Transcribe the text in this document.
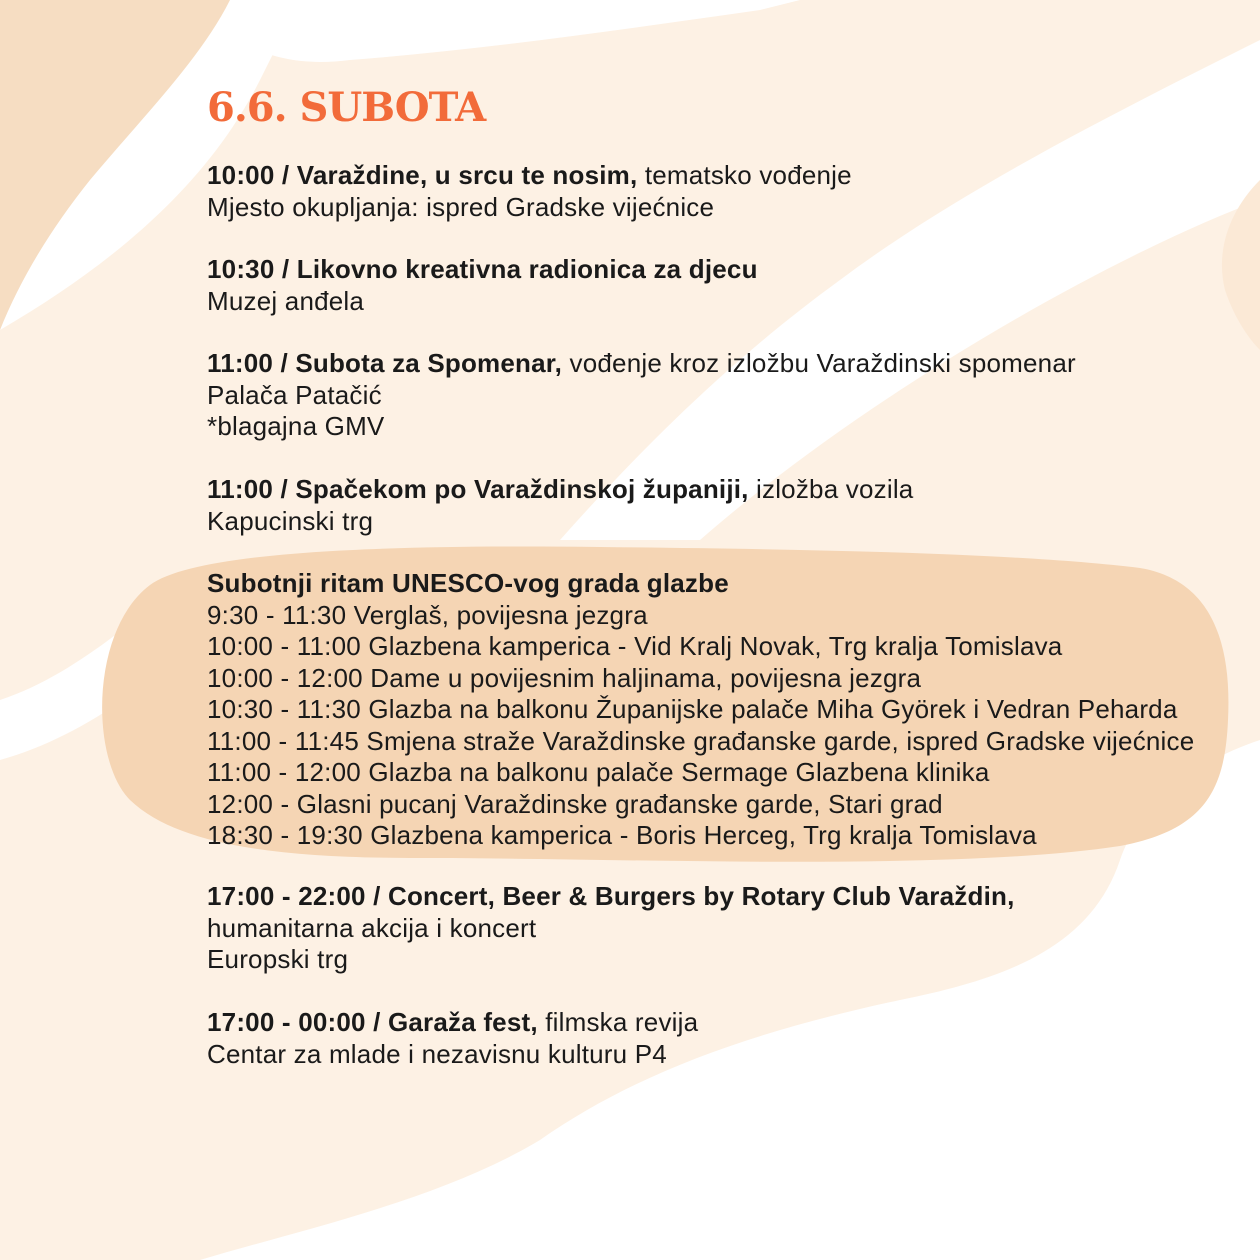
6.6. SUBOTA
10:00 / Varaždine, u srcu te nosim, tematsko vođenje
Mjesto okupljanja: ispred Gradske vijećnice
10:30 / Likovno kreativna radionica za djecu
Muzej anđela
11:00 / Subota za Spomenar, vođenje kroz izložbu Varaždinski spomenar
Palača Patačić
*blagajna GMV
11:00 / Spačekom po Varaždinskoj županiji, izložba vozila
Kapucinski trg
Subotnji ritam UNESCO-vog grada glazbe
9:30 - 11:30 Verglaš, povijesna jezgra
10:00 - 11:00 Glazbena kamperica - Vid Kralj Novak, Trg kralja Tomislava
10:00 - 12:00 Dame u povijesnim haljinama, povijesna jezgra
10:30 - 11:30 Glazba na balkonu Županijske palače Miha Györek i Vedran Peharda
11:00 - 11:45 Smjena straže Varaždinske građanske garde, ispred Gradske vijećnice
11:00 - 12:00 Glazba na balkonu palače Sermage Glazbena klinika
12:00 - Glasni pucanj Varaždinske građanske garde, Stari grad
18:30 - 19:30 Glazbena kamperica - Boris Herceg, Trg kralja Tomislava
17:00 - 22:00 / Concert, Beer & Burgers by Rotary Club Varaždin,
humanitarna akcija i koncert
Europski trg
17:00 - 00:00 / Garaža fest, filmska revija
Centar za mlade i nezavisnu kulturu P4
